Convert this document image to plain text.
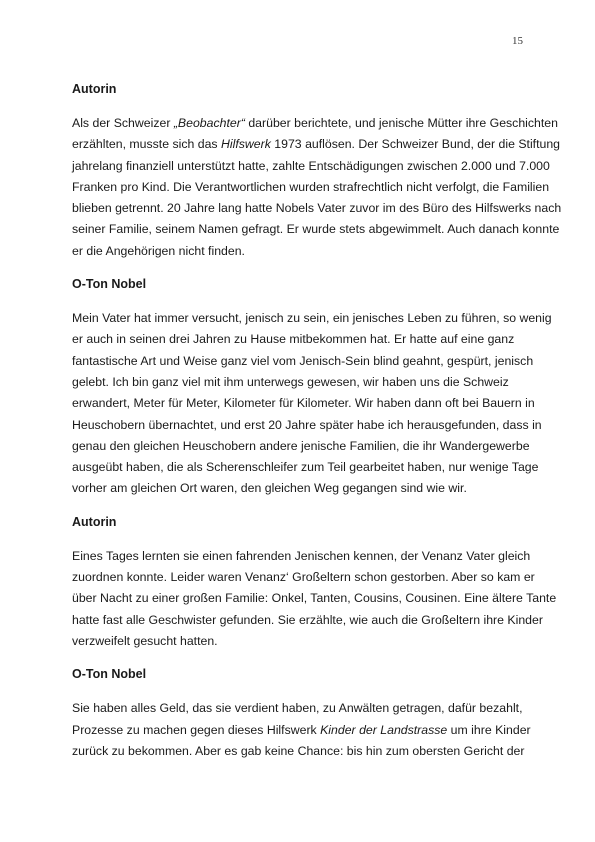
15
Autorin
Als der Schweizer „Beobachter“ darüber berichtete, und jenische Mütter ihre Geschichten
erzählten, musste sich das Hilfswerk 1973 auflösen. Der Schweizer Bund, der die Stiftung
jahrelang finanziell unterstützt hatte, zahlte Entschädigungen zwischen 2.000 und 7.000
Franken pro Kind. Die Verantwortlichen wurden strafrechtlich nicht verfolgt, die Familien
blieben getrennt. 20 Jahre lang hatte Nobels Vater zuvor im des Büro des Hilfswerks nach
seiner Familie, seinem Namen gefragt. Er wurde stets abgewimmelt. Auch danach konnte
er die Angehörigen nicht finden.
O-Ton Nobel
Mein Vater hat immer versucht, jenisch zu sein, ein jenisches Leben zu führen, so wenig
er auch in seinen drei Jahren zu Hause mitbekommen hat. Er hatte auf eine ganz
fantastische Art und Weise ganz viel vom Jenisch-Sein blind geahnt, gespürt, jenisch
gelebt. Ich bin ganz viel mit ihm unterwegs gewesen, wir haben uns die Schweiz
erwandert, Meter für Meter, Kilometer für Kilometer. Wir haben dann oft bei Bauern in
Heuschobern übernachtet, und erst 20 Jahre später habe ich herausgefunden, dass in
genau den gleichen Heuschobern andere jenische Familien, die ihr Wandergewerbe
ausgeübt haben, die als Scherenschleifer zum Teil gearbeitet haben, nur wenige Tage
vorher am gleichen Ort waren, den gleichen Weg gegangen sind wie wir.
Autorin
Eines Tages lernten sie einen fahrenden Jenischen kennen, der Venanz Vater gleich
zuordnen konnte. Leider waren Venanz‘ Großeltern schon gestorben. Aber so kam er
über Nacht zu einer großen Familie: Onkel, Tanten, Cousins, Cousinen. Eine ältere Tante
hatte fast alle Geschwister gefunden. Sie erzählte, wie auch die Großeltern ihre Kinder
verzweifelt gesucht hatten.
O-Ton Nobel
Sie haben alles Geld, das sie verdient haben, zu Anwälten getragen, dafür bezahlt,
Prozesse zu machen gegen dieses Hilfswerk Kinder der Landstrasse um ihre Kinder
zurück zu bekommen. Aber es gab keine Chance: bis hin zum obersten Gericht der
